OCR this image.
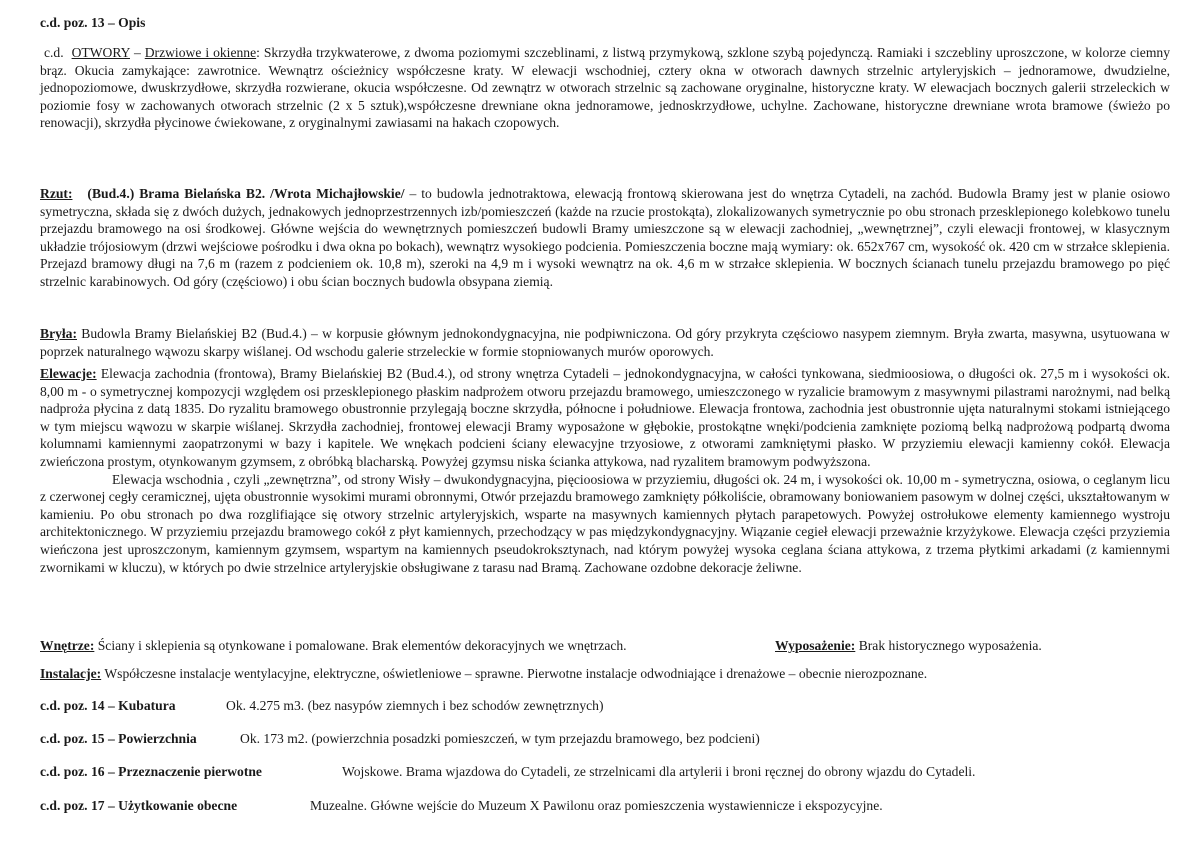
c.d. poz. 13 – Opis
c.d. OTWORY – Drzwiowe i okienne: Skrzydła trzykwaterowe, z dwoma poziomymi szczeblinami, z listwą przymykową, szklone szybą pojedynczą. Ramiaki i szczebliny uproszczone, w kolorze ciemny brąz. Okucia zamykające: zawrotnice. Wewnątrz ościeżnicy współczesne kraty. W elewacji wschodniej, cztery okna w otworach dawnych strzelnic artyleryjskich – jednoramowe, dwudzielne, jednopoziomowe, dwuskrzydłowe, skrzydła rozwierane, okucia współczesne. Od zewnątrz w otworach strzelnic są zachowane oryginalne, historyczne kraty. W elewacjach bocznych galerii strzeleckich w poziomie fosy w zachowanych otworach strzelnic (2 x 5 sztuk),współczesne drewniane okna jednoramowe, jednoskrzydłowe, uchylne. Zachowane, historyczne drewniane wrota bramowe (świeżo po renowacji), skrzydła płycinowe ćwiekowane, z oryginalnymi zawiasami na hakach czopowych.
Rzut: (Bud.4.) Brama Bielańska B2. /Wrota Michajłowskie/ – to budowla jednotraktowa, elewacją frontową skierowana jest do wnętrza Cytadeli, na zachód. Budowla Bramy jest w planie osiowo symetryczna, składa się z dwóch dużych, jednakowych jednoprzestrzennych izb/pomieszczeń (każde na rzucie prostokąta), zlokalizowanych symetrycznie po obu stronach przesklepionego kolebkowo tunelu przejazdu bramowego na osi środkowej. Główne wejścia do wewnętrznych pomieszczeń budowli Bramy umieszczone są w elewacji zachodniej, „wewnętrznej”, czyli elewacji frontowej, w klasycznym układzie trójosiowym (drzwi wejściowe pośrodku i dwa okna po bokach), wewnątrz wysokiego podcienia. Pomieszczenia boczne mają wymiary: ok. 652x767 cm, wysokość ok. 420 cm w strzałce sklepienia. Przejazd bramowy długi na 7,6 m (razem z podcieniem ok. 10,8 m), szeroki na 4,9 m i wysoki wewnątrz na ok. 4,6 m w strzałce sklepienia. W bocznych ścianach tunelu przejazdu bramowego po pięć strzelnic karabinowych. Od góry (częściowo) i obu ścian bocznych budowla obsypana ziemią.
Bryła: Budowla Bramy Bielańskiej B2 (Bud.4.) – w korpusie głównym jednokondygnacyjna, nie podpiwniczona. Od góry przykryta częściowo nasypem ziemnym. Bryła zwarta, masywna, usytuowana w poprzek naturalnego wąwozu skarpy wiślanej. Od wschodu galerie strzeleckie w formie stopniowanych murów oporowych.
Elewacje: Elewacja zachodnia (frontowa), Bramy Bielańskiej B2 (Bud.4.), od strony wnętrza Cytadeli – jednokondygnacyjna, w całości tynkowana, siedmioosiowa, o długości ok. 27,5 m i wysokości ok. 8,00 m - o symetrycznej kompozycji względem osi przesklepionego płaskim nadprożem otworu przejazdu bramowego, umieszczonego w ryzalicie bramowym z masywnymi pilastrami narożnymi, nad belką nadproża płycina z datą 1835. Do ryzalitu bramowego obustronnie przylegają boczne skrzydła, północne i południowe. Elewacja frontowa, zachodnia jest obustronnie ujęta naturalnymi stokami istniejącego w tym miejscu wąwozu w skarpie wiślanej. Skrzydła zachodniej, frontowej elewacji Bramy wyposażone w głębokie, prostokątne wnęki/podcienia zamknięte poziomą belką nadprożową podpartą dwoma kolumnami kamiennymi zaopatrzonymi w bazy i kapitele. We wnękach podcieni ściany elewacyjne trzyosiowe, z otworami zamkniętymi płasko. W przyziemiu elewacji kamienny cokół. Elewacja zwieńczona prostym, otynkowanym gzymsem, z obróbką blacharską. Powyżej gzymsu niska ścianka attykowa, nad ryzalitem bramowym podwyższona.
Elewacja wschodnia , czyli „zewnętrzna”, od strony Wisły – dwukondygnacyjna, pięcioosiowa w przyziemiu, długości ok. 24 m, i wysokości ok. 10,00 m - symetryczna, osiowa, o ceglanym licu z czerwonej cegły ceramicznej, ujęta obustronnie wysokimi murami obronnymi, Otwór przejazdu bramowego zamknięty półkoliście, obramowany boniowaniem pasowym w dolnej części, ukształtowanym w kamieniu. Po obu stronach po dwa rozglifiające się otwory strzelnic artyleryjskich, wsparte na masywnych kamiennych płytach parapetowych. Powyżej ostrołukowe elementy kamiennego wystroju architektonicznego. W przyziemiu przejazdu bramowego cokół z płyt kamiennych, przechodzący w pas międzykondygnacyjny. Wiązanie cegieł elewacji przeważnie krzyżykowe. Elewacja części przyziemia wieńczona jest uproszczonym, kamiennym gzymsem, wspartym na kamiennych pseudokroksztynach, nad którym powyżej wysoka ceglana ściana attykowa, z trzema płytkimi arkadami (z kamiennymi zwornikami w kluczu), w których po dwie strzelnice artyleryjskie obsługiwane z tarasu nad Bramą. Zachowane ozdobne dekoracje żeliwne.
Wnętrze: Ściany i sklepienia są otynkowane i pomalowane. Brak elementów dekoracyjnych we wnętrzach.	Wyposażenie: Brak historycznego wyposażenia.
Instalacje: Współczesne instalacje wentylacyjne, elektryczne, oświetleniowe – sprawne. Pierwotne instalacje odwodniające i drenażowe – obecnie nierozpoznane.
c.d. poz. 14 – Kubatura	Ok. 4.275 m3. (bez nasypów ziemnych i bez schodów zewnętrznych)
c.d. poz. 15 – Powierzchnia	Ok. 173 m2. (powierzchnia posadzki pomieszczeń, w tym przejazdu bramowego, bez podcieni)
c.d. poz. 16 – Przeznaczenie pierwotne	Wojskowe. Brama wjazdowa do Cytadeli, ze strzelnicami dla artylerii i broni ręcznej do obrony wjazdu do Cytadeli.
c.d. poz. 17 – Użytkowanie obecne	Muzealne. Główne wejście do Muzeum X Pawilonu oraz pomieszczenia wystawiennicze i ekspozycyjne.
